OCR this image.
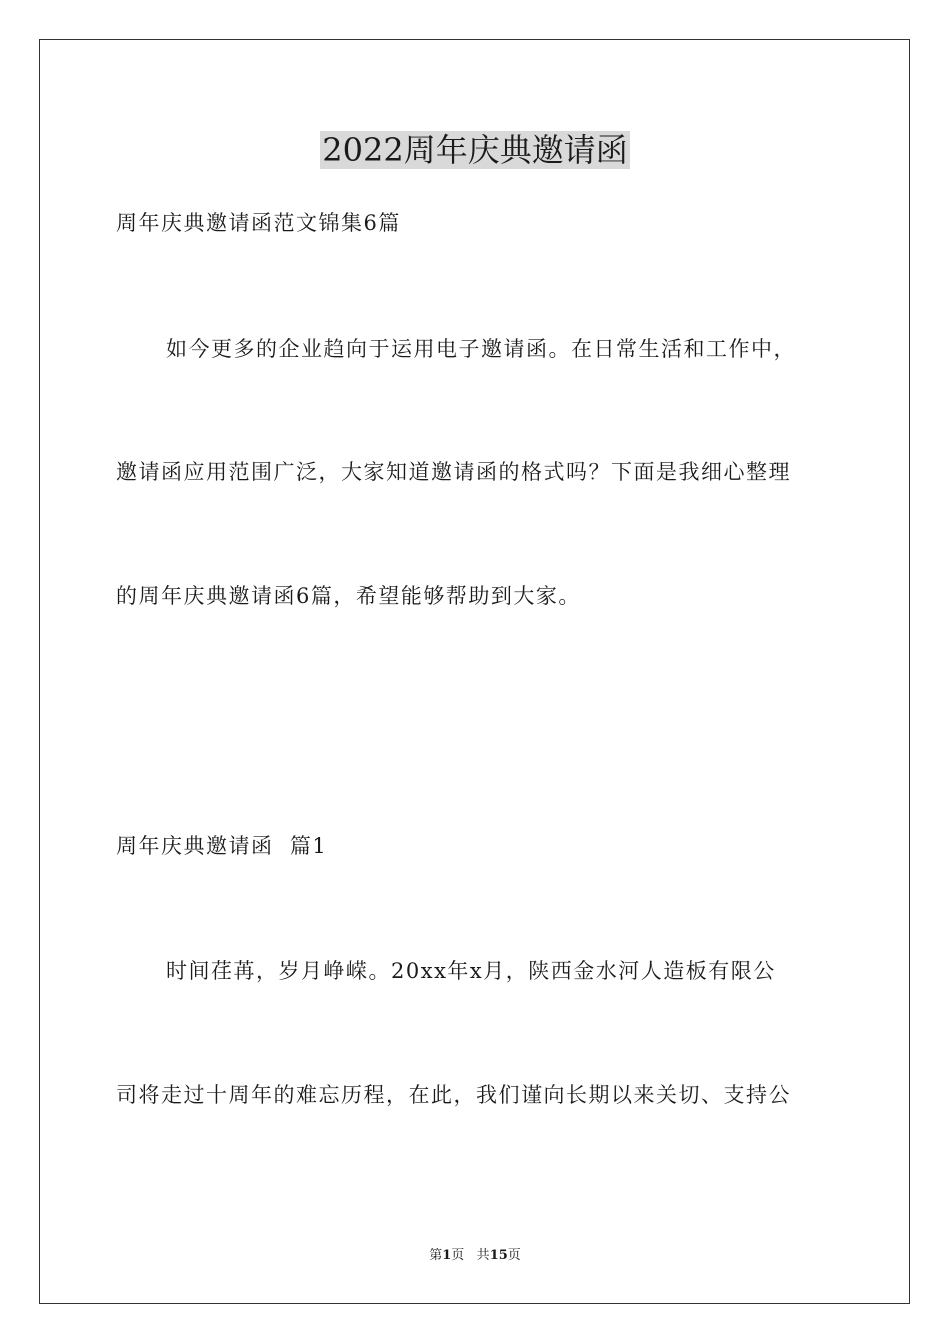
2022周年庆典邀请函
周年庆典邀请函范文锦集6篇
如今更多的企业趋向于运用电子邀请函。在日常生活和工作中，
邀请函应用范围广泛，大家知道邀请函的格式吗？下面是我细心整理
的周年庆典邀请函6篇，希望能够帮助到大家。
周年庆典邀请函  篇1
时间荏苒，岁月峥嵘。20xx年x月，陕西金水河人造板有限公
司将走过十周年的难忘历程，在此，我们谨向长期以来关切、支持公
第1页 共15页
